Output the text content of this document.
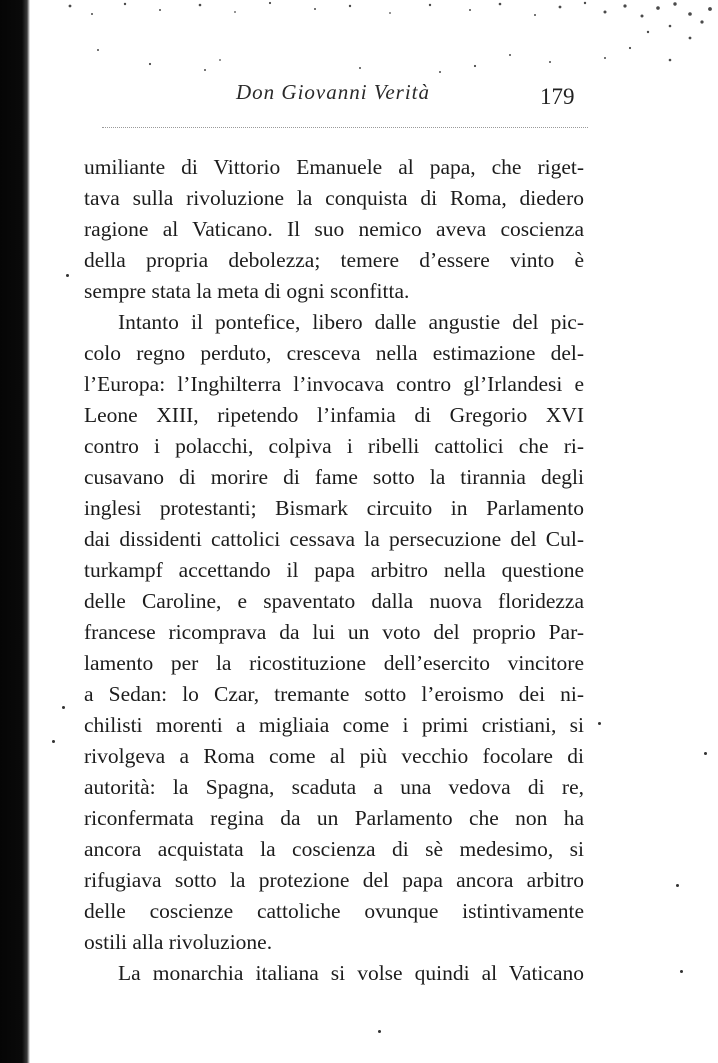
Don Giovanni Verità	179
umiliante di Vittorio Emanuele al papa, che riget-
tava sulla rivoluzione la conquista di Roma, diedero
ragione al Vaticano. Il suo nemico aveva coscienza
della propria debolezza; temere d’essere vinto è
sempre stata la meta di ogni sconfitta.
Intanto il pontefice, libero dalle angustie del pic-
colo regno perduto, cresceva nella estimazione del-
l’Europa: l’Inghilterra l’invocava contro gl’Irlandesi e
Leone XIII, ripetendo l’infamia di Gregorio XVI
contro i polacchi, colpiva i ribelli cattolici che ri-
cusavano di morire di fame sotto la tirannia degli
inglesi protestanti; Bismark circuito in Parlamento
dai dissidenti cattolici cessava la persecuzione del Cul-
turkampf accettando il papa arbitro nella questione
delle Caroline, e spaventato dalla nuova floridezza
francese ricomprava da lui un voto del proprio Par-
lamento per la ricostituzione dell’esercito vincitore
a Sedan: lo Czar, tremante sotto l’eroismo dei ni-
chilisti morenti a migliaia come i primi cristiani, si
rivolgeva a Roma come al più vecchio focolare di
autorità: la Spagna, scaduta a una vedova di re,
riconfermata regina da un Parlamento che non ha
ancora acquistata la coscienza di sè medesimo, si
rifugiava sotto la protezione del papa ancora arbitro
delle coscienze cattoliche ovunque istintivamente
ostili alla rivoluzione.
La monarchia italiana si volse quindi al Vaticano
